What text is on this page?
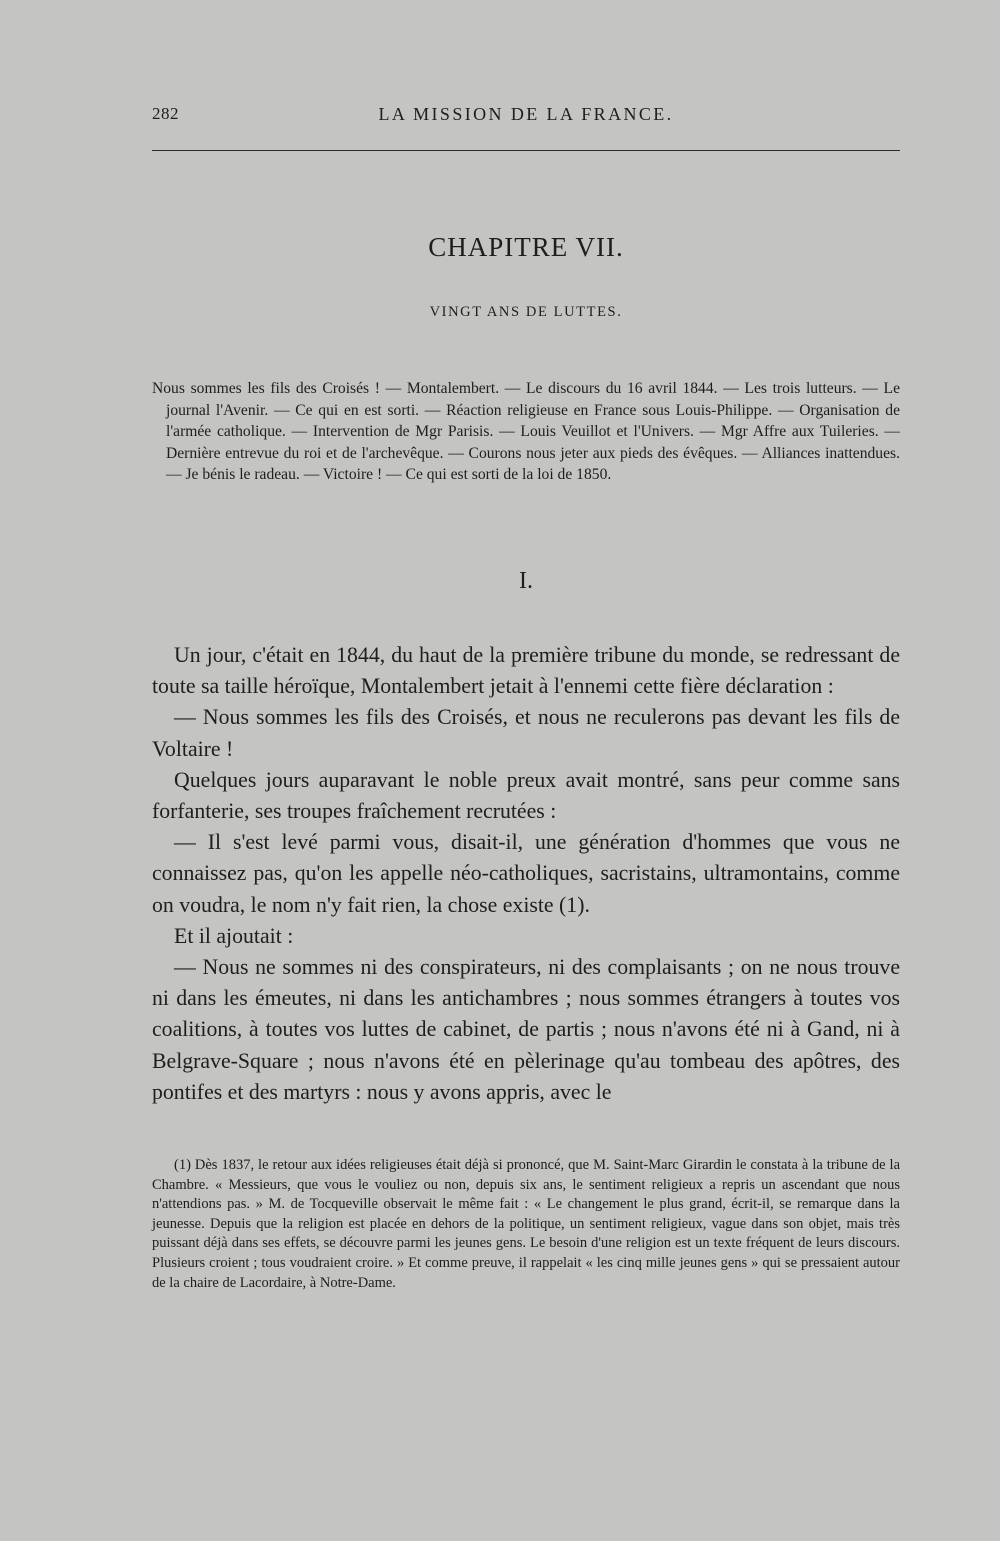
282	LA MISSION DE LA FRANCE.
CHAPITRE VII.
VINGT ANS DE LUTTES.

Nous sommes les fils des Croisés ! — Montalembert. — Le discours du 16 avril 1844. — Les trois lutteurs. — Le journal l'Avenir. — Ce qui en est sorti. — Réaction religieuse en France sous Louis-Philippe. — Organisation de l'armée catholique. — Intervention de Mgr Parisis. — Louis Veuillot et l'Univers. — Mgr Affre aux Tuileries. — Dernière entrevue du roi et de l'archevêque. — Courons nous jeter aux pieds des évêques. — Alliances inattendues. — Je bénis le radeau. — Victoire ! — Ce qui est sorti de la loi de 1850.

I.

Un jour, c'était en 1844, du haut de la première tribune du monde, se redressant de toute sa taille héroïque, Montalembert jetait à l'ennemi cette fière déclaration :

— Nous sommes les fils des Croisés, et nous ne reculerons pas devant les fils de Voltaire !

Quelques jours auparavant le noble preux avait montré, sans peur comme sans forfanterie, ses troupes fraîchement recrutées :

— Il s'est levé parmi vous, disait-il, une génération d'hommes que vous ne connaissez pas, qu'on les appelle néo-catholiques, sacristains, ultramontains, comme on voudra, le nom n'y fait rien, la chose existe (1).

Et il ajoutait :

— Nous ne sommes ni des conspirateurs, ni des complaisants ; on ne nous trouve ni dans les émeutes, ni dans les antichambres ; nous sommes étrangers à toutes vos coalitions, à toutes vos luttes de cabinet, de partis ; nous n'avons été ni à Gand, ni à Belgrave-Square ; nous n'avons été en pèlerinage qu'au tombeau des apôtres, des pontifes et des martyrs : nous y avons appris, avec le

(1) Dès 1837, le retour aux idées religieuses était déjà si prononcé, que M. Saint-Marc Girardin le constata à la tribune de la Chambre. « Messieurs, que vous le vouliez ou non, depuis six ans, le sentiment religieux a repris un ascendant que nous n'attendions pas. » M. de Tocqueville observait le même fait : « Le changement le plus grand, écrit-il, se remarque dans la jeunesse. Depuis que la religion est placée en dehors de la politique, un sentiment religieux, vague dans son objet, mais très puissant déjà dans ses effets, se découvre parmi les jeunes gens. Le besoin d'une religion est un texte fréquent de leurs discours. Plusieurs croient ; tous voudraient croire. » Et comme preuve, il rappelait « les cinq mille jeunes gens » qui se pressaient autour de la chaire de Lacordaire, à Notre-Dame.
